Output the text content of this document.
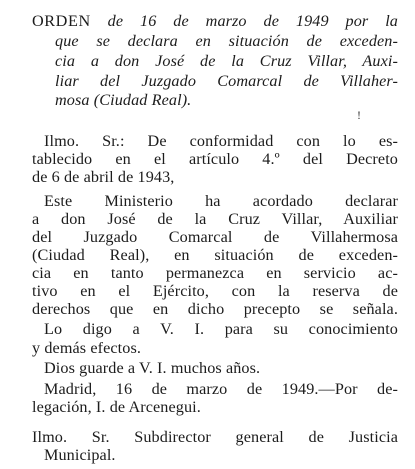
ORDEN de 16 de marzo de 1949 por la
que se declara en situación de exceden-
cia a don José de la Cruz Villar, Auxi-
liar del Juzgado Comarcal de Villaher-
mosa (Ciudad Real).
!
Ilmo. Sr.: De conformidad con lo es-
tablecido en el artículo 4.º del Decreto
de 6 de abril de 1943,
Este Ministerio ha acordado declarar
a don José de la Cruz Villar, Auxiliar
del Juzgado Comarcal de Villahermosa
(Ciudad Real), en situación de exceden-
cia en tanto permanezca en servicio ac-
tivo en el Ejército, con la reserva de
derechos que en dicho precepto se señala.
Lo digo a V. I. para su conocimiento
y demás efectos.
Dios guarde a V. I. muchos años.
Madrid, 16 de marzo de 1949.—Por de-
legación, I. de Arcenegui.
Ilmo. Sr. Subdirector general de Justicia
Municipal.
